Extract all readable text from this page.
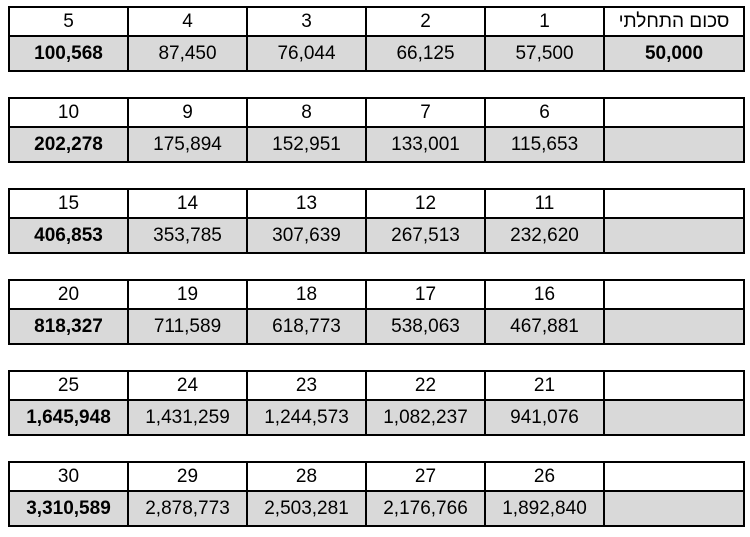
5	4	3	2	1	סכום התחלתי
100,568	87,450	76,044	66,125	57,500	50,000
10	9	8	7	6	
202,278	175,894	152,951	133,001	115,653	
15	14	13	12	11	
406,853	353,785	307,639	267,513	232,620	
20	19	18	17	16	
818,327	711,589	618,773	538,063	467,881	
25	24	23	22	21	
1,645,948	1,431,259	1,244,573	1,082,237	941,076	
30	29	28	27	26	
3,310,589	2,878,773	2,503,281	2,176,766	1,892,840	
